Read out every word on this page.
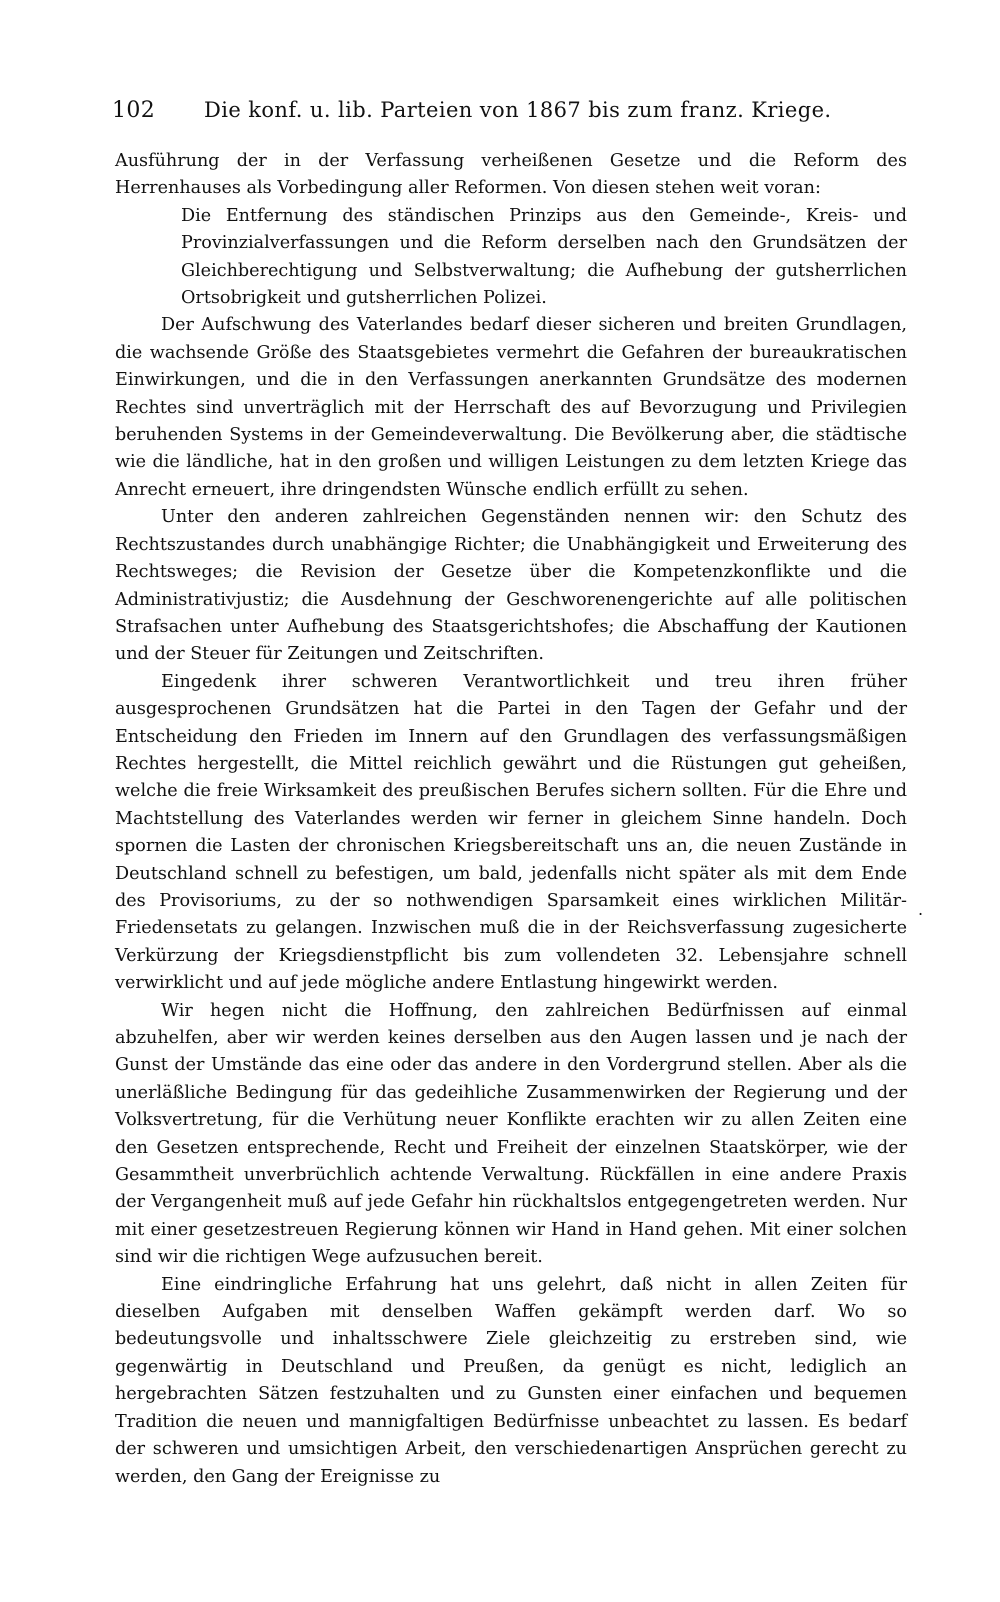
102	Die konf. u. lib. Parteien von 1867 bis zum franz. Kriege.

Ausführung der in der Verfassung verheißenen Gesetze und die Reform des Herrenhauses als Vorbedingung aller Reformen. Von diesen stehen weit voran:

Die Entfernung des ständischen Prinzips aus den Gemeinde-, Kreis- und Provinzialverfassungen und die Reform derselben nach den Grundsätzen der Gleichberechtigung und Selbstverwaltung; die Aufhebung der gutsherrlichen Ortsobrigkeit und gutsherrlichen Polizei.

Der Aufschwung des Vaterlandes bedarf dieser sicheren und breiten Grundlagen, die wachsende Größe des Staatsgebietes vermehrt die Gefahren der bureaukratischen Einwirkungen, und die in den Verfassungen anerkannten Grundsätze des modernen Rechtes sind unverträglich mit der Herrschaft des auf Bevorzugung und Privilegien beruhenden Systems in der Gemeindeverwaltung. Die Bevölkerung aber, die städtische wie die ländliche, hat in den großen und willigen Leistungen zu dem letzten Kriege das Anrecht erneuert, ihre dringendsten Wünsche endlich erfüllt zu sehen.

Unter den anderen zahlreichen Gegenständen nennen wir: den Schutz des Rechtszustandes durch unabhängige Richter; die Unabhängigkeit und Erweiterung des Rechtsweges; die Revision der Gesetze über die Kompetenzkonflikte und die Administrativjustiz; die Ausdehnung der Geschworenengerichte auf alle politischen Strafsachen unter Aufhebung des Staatsgerichtshofes; die Abschaffung der Kautionen und der Steuer für Zeitungen und Zeitschriften.

Eingedenk ihrer schweren Verantwortlichkeit und treu ihren früher ausgesprochenen Grundsätzen hat die Partei in den Tagen der Gefahr und der Entscheidung den Frieden im Innern auf den Grundlagen des verfassungsmäßigen Rechtes hergestellt, die Mittel reichlich gewährt und die Rüstungen gut geheißen, welche die freie Wirksamkeit des preußischen Berufes sichern sollten. Für die Ehre und Machtstellung des Vaterlandes werden wir ferner in gleichem Sinne handeln. Doch spornen die Lasten der chronischen Kriegsbereitschaft uns an, die neuen Zustände in Deutschland schnell zu befestigen, um bald, jedenfalls nicht später als mit dem Ende des Provisoriums, zu der so nothwendigen Sparsamkeit eines wirklichen Militär-Friedensetats zu gelangen. Inzwischen muß die in der Reichsverfassung zugesicherte Verkürzung der Kriegsdienstpflicht bis zum vollendeten 32. Lebensjahre schnell verwirklicht und auf jede mögliche andere Entlastung hingewirkt werden.

Wir hegen nicht die Hoffnung, den zahlreichen Bedürfnissen auf einmal abzuhelfen, aber wir werden keines derselben aus den Augen lassen und je nach der Gunst der Umstände das eine oder das andere in den Vordergrund stellen. Aber als die unerläßliche Bedingung für das gedeihliche Zusammenwirken der Regierung und der Volksvertretung, für die Verhütung neuer Konflikte erachten wir zu allen Zeiten eine den Gesetzen entsprechende, Recht und Freiheit der einzelnen Staatskörper, wie der Gesammtheit unverbrüchlich achtende Verwaltung. Rückfällen in eine andere Praxis der Vergangenheit muß auf jede Gefahr hin rückhaltslos entgegengetreten werden. Nur mit einer gesetzestreuen Regierung können wir Hand in Hand gehen. Mit einer solchen sind wir die richtigen Wege aufzusuchen bereit.

Eine eindringliche Erfahrung hat uns gelehrt, daß nicht in allen Zeiten für dieselben Aufgaben mit denselben Waffen gekämpft werden darf. Wo so bedeutungsvolle und inhaltsschwere Ziele gleichzeitig zu erstreben sind, wie gegenwärtig in Deutschland und Preußen, da genügt es nicht, lediglich an hergebrachten Sätzen festzuhalten und zu Gunsten einer einfachen und bequemen Tradition die neuen und mannigfaltigen Bedürfnisse unbeachtet zu lassen. Es bedarf der schweren und umsichtigen Arbeit, den verschiedenartigen Ansprüchen gerecht zu werden, den Gang der Ereignisse zu

.
